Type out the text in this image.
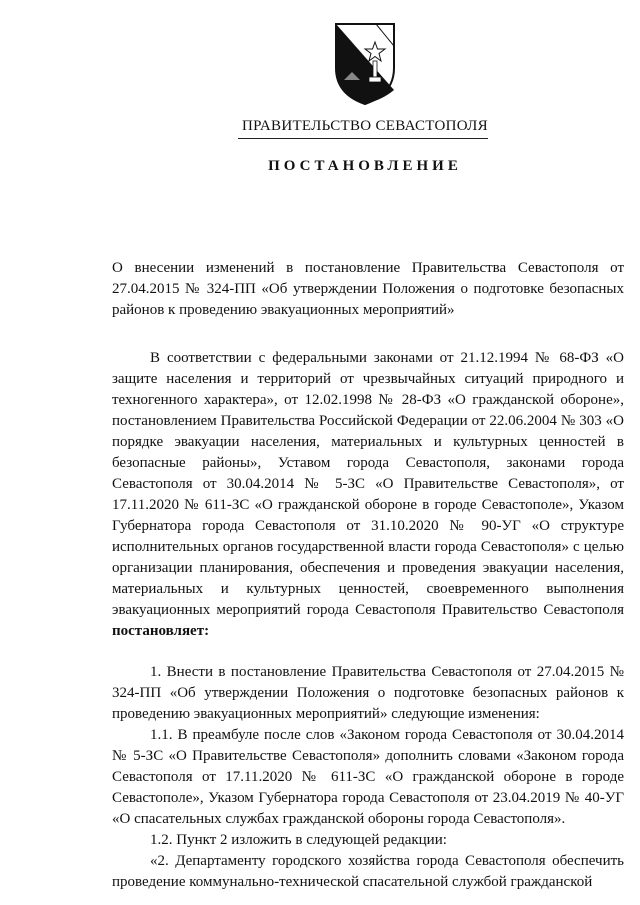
ПРАВИТЕЛЬСТВО СЕВАСТОПОЛЯ
ПОСТАНОВЛЕНИЕ
О внесении изменений в постановление Правительства Севастополя от 27.04.2015 № 324-ПП «Об утверждении Положения о подготовке безопасных районов к проведению эвакуационных мероприятий»

В соответствии с федеральными законами от 21.12.1994 № 68-ФЗ «О защите населения и территорий от чрезвычайных ситуаций природного и техногенного характера», от 12.02.1998 № 28-ФЗ «О гражданской обороне», постановлением Правительства Российской Федерации от 22.06.2004 № 303 «О порядке эвакуации населения, материальных и культурных ценностей в безопасные районы», Уставом города Севастополя, законами города Севастополя от 30.04.2014 № 5-ЗС «О Правительстве Севастополя», от 17.11.2020 № 611-ЗС «О гражданской обороне в городе Севастополе», Указом Губернатора города Севастополя от 31.10.2020 № 90-УГ «О структуре исполнительных органов государственной власти города Севастополя» с целью организации планирования, обеспечения и проведения эвакуации населения, материальных и культурных ценностей, своевременного выполнения эвакуационных мероприятий города Севастополя Правительство Севастополя постановляет:

1. Внести в постановление Правительства Севастополя от 27.04.2015 № 324-ПП «Об утверждении Положения о подготовке безопасных районов к проведению эвакуационных мероприятий» следующие изменения:

1.1. В преамбуле после слов «Законом города Севастополя от 30.04.2014 № 5-ЗС «О Правительстве Севастополя» дополнить словами «Законом города Севастополя от 17.11.2020 № 611-ЗС «О гражданской обороне в городе Севастополе», Указом Губернатора города Севастополя от 23.04.2019 № 40-УГ «О спасательных службах гражданской обороны города Севастополя».

1.2. Пункт 2 изложить в следующей редакции:

«2. Департаменту городского хозяйства города Севастополя обеспечить проведение коммунально-технической спасательной службой гражданской
